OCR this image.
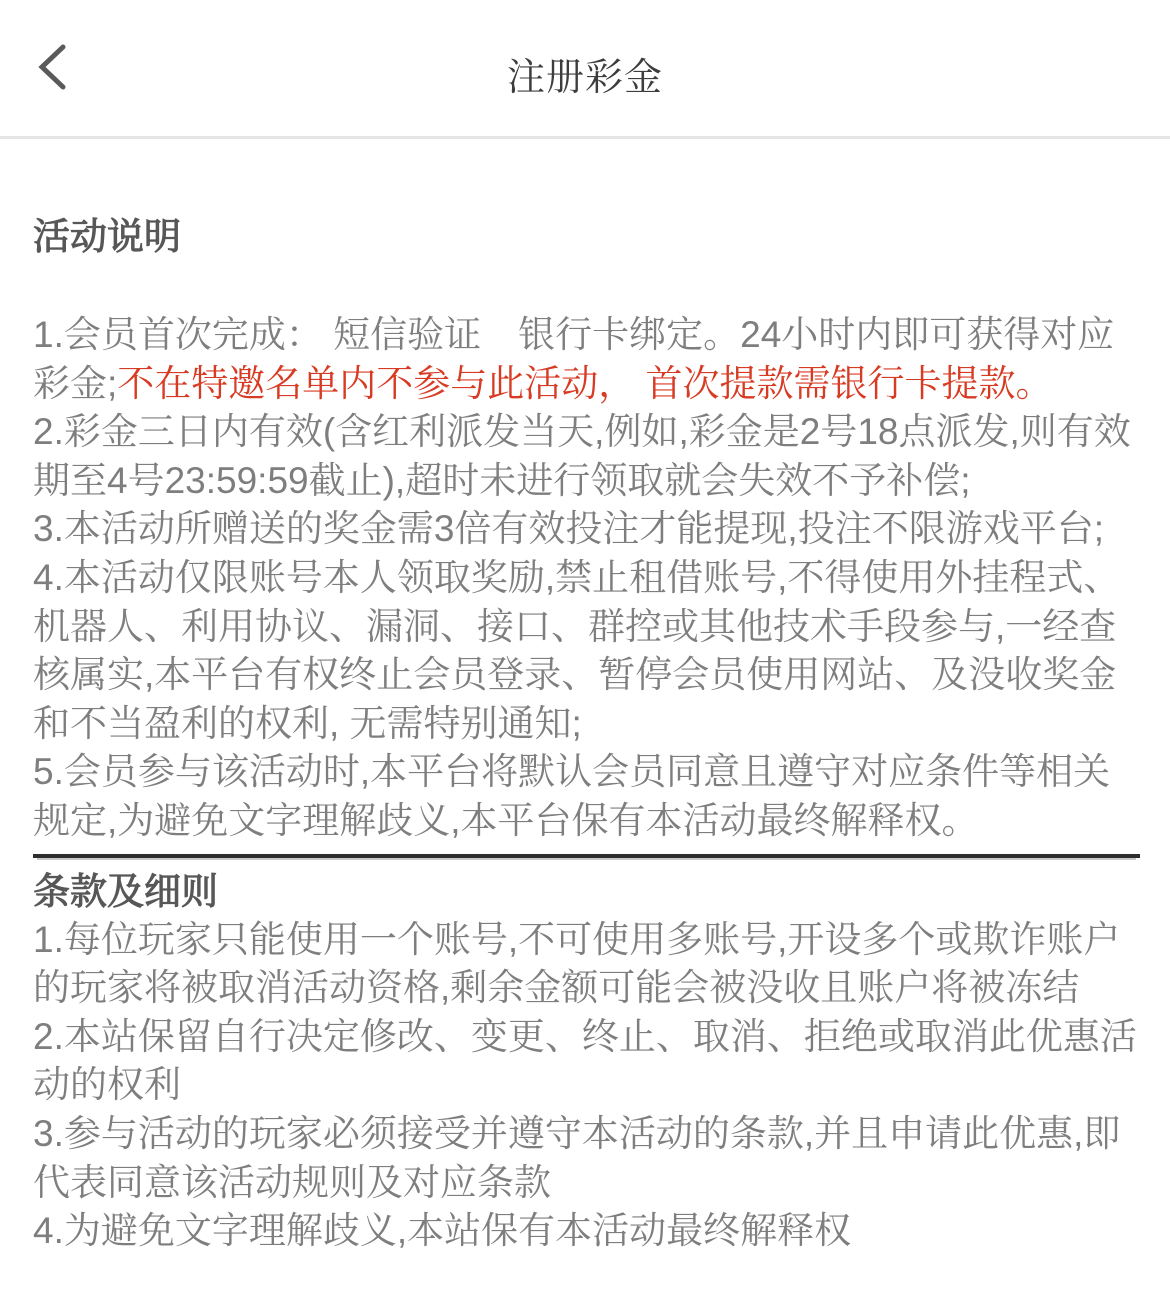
注册彩金
活动说明

1.会员首次完成： 短信验证　银行卡绑定。24小时内即可获得对应彩金;不在特邀名单内不参与此活动， 首次提款需银行卡提款。

2.彩金三日内有效(含红利派发当天,例如,彩金是2号18点派发,则有效期至4号23:59:59截止),超时未进行领取就会失效不予补偿;

3.本活动所赠送的奖金需3倍有效投注才能提现,投注不限游戏平台;

4.本活动仅限账号本人领取奖励,禁止租借账号,不得使用外挂程式、机器人、利用协议、漏洞、接口、群控或其他技术手段参与,一经查核属实,本平台有权终止会员登录、暂停会员使用网站、及没收奖金和不当盈利的权利, 无需特别通知;

5.会员参与该活动时,本平台将默认会员同意且遵守对应条件等相关规定,为避免文字理解歧义,本平台保有本活动最终解释权。

条款及细则

1.每位玩家只能使用一个账号,不可使用多账号,开设多个或欺诈账户的玩家将被取消活动资格,剩余金额可能会被没收且账户将被冻结

2.本站保留自行决定修改、变更、终止、取消、拒绝或取消此优惠活动的权利

3.参与活动的玩家必须接受并遵守本活动的条款,并且申请此优惠,即代表同意该活动规则及对应条款

4.为避免文字理解歧义,本站保有本活动最终解释权
